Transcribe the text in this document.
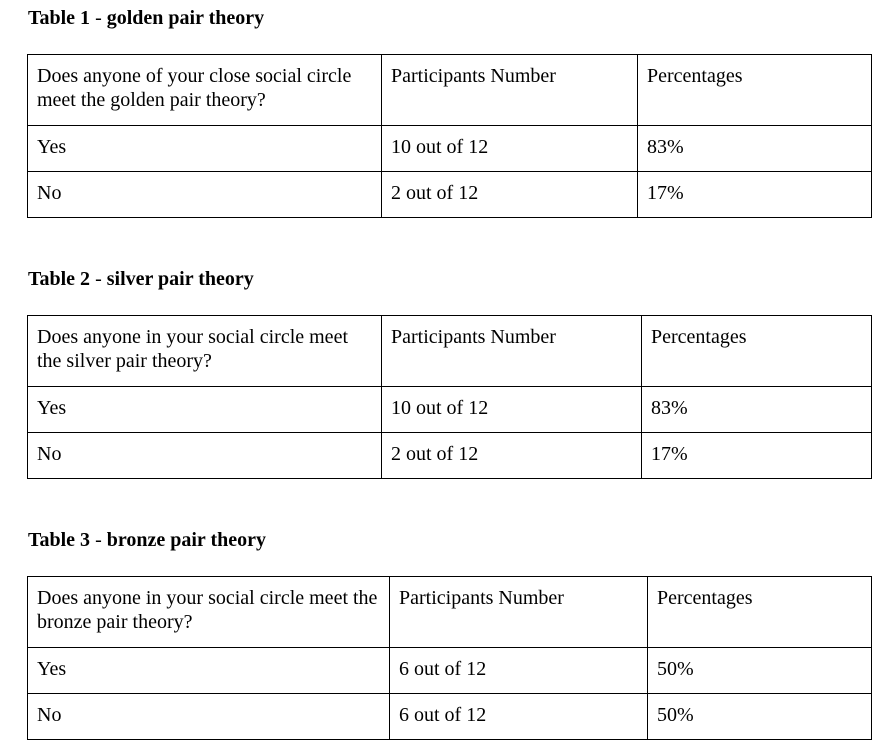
Table 1 - golden pair theory
Does anyone of your close social circle meet the golden pair theory?	Participants Number	Percentages
Yes	10 out of 12	83%
No	2 out of 12	17%
Table 2 - silver pair theory
Does anyone in your social circle meet the silver pair theory?	Participants Number	Percentages
Yes	10 out of 12	83%
No	2 out of 12	17%
Table 3 - bronze pair theory
Does anyone in your social circle meet the bronze pair theory?	Participants Number	Percentages
Yes	6 out of 12	50%
No	6 out of 12	50%
